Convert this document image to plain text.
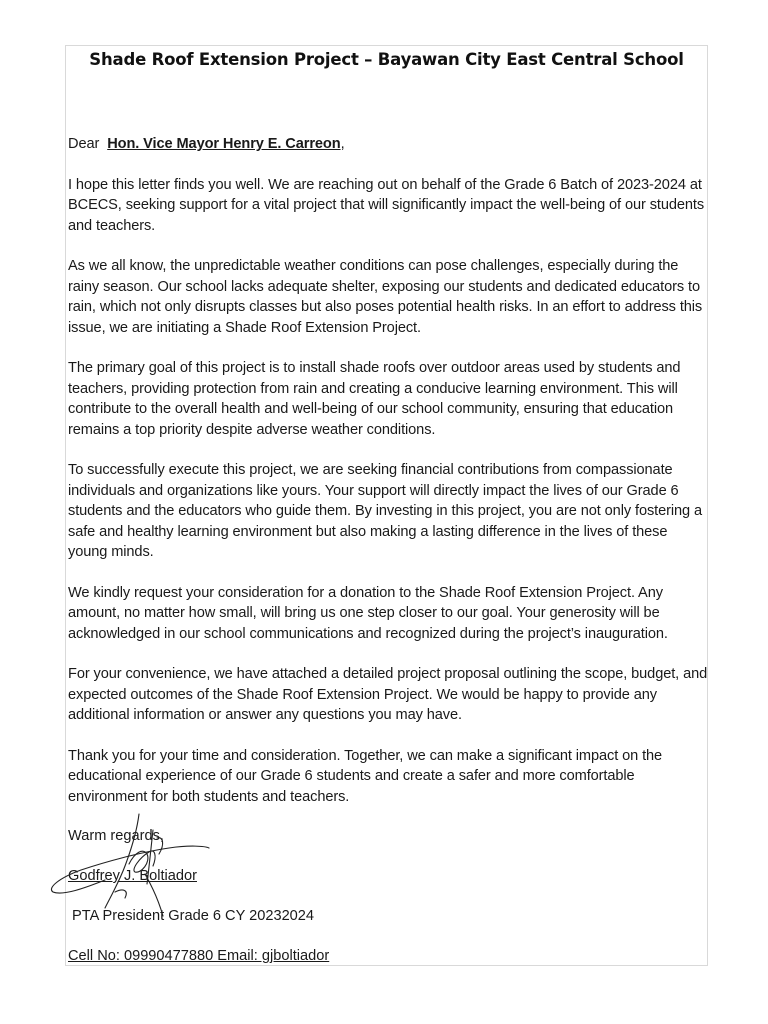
Shade Roof Extension Project – Bayawan City East Central School

Dear Hon. Vice Mayor Henry E. Carreon,

I hope this letter finds you well. We are reaching out on behalf of the Grade 6 Batch of 2023-2024 at BCECS, seeking support for a vital project that will significantly impact the well-being of our students and teachers.

As we all know, the unpredictable weather conditions can pose challenges, especially during the rainy season. Our school lacks adequate shelter, exposing our students and dedicated educators to rain, which not only disrupts classes but also poses potential health risks. In an effort to address this issue, we are initiating a Shade Roof Extension Project.

The primary goal of this project is to install shade roofs over outdoor areas used by students and teachers, providing protection from rain and creating a conducive learning environment. This will contribute to the overall health and well-being of our school community, ensuring that education remains a top priority despite adverse weather conditions.

To successfully execute this project, we are seeking financial contributions from compassionate individuals and organizations like yours. Your support will directly impact the lives of our Grade 6 students and the educators who guide them. By investing in this project, you are not only fostering a safe and healthy learning environment but also making a lasting difference in the lives of these young minds.

We kindly request your consideration for a donation to the Shade Roof Extension Project. Any amount, no matter how small, will bring us one step closer to our goal. Your generosity will be acknowledged in our school communications and recognized during the project’s inauguration.

For your convenience, we have attached a detailed project proposal outlining the scope, budget, and expected outcomes of the Shade Roof Extension Project. We would be happy to provide any additional information or answer any questions you may have.

Thank you for your time and consideration. Together, we can make a significant impact on the educational experience of our Grade 6 students and create a safer and more comfortable environment for both students and teachers.

Warm regards,

Godfrey J. Boltiador

PTA President Grade 6 CY 20232024

Cell No: 09990477880 Email: gjboltiador
